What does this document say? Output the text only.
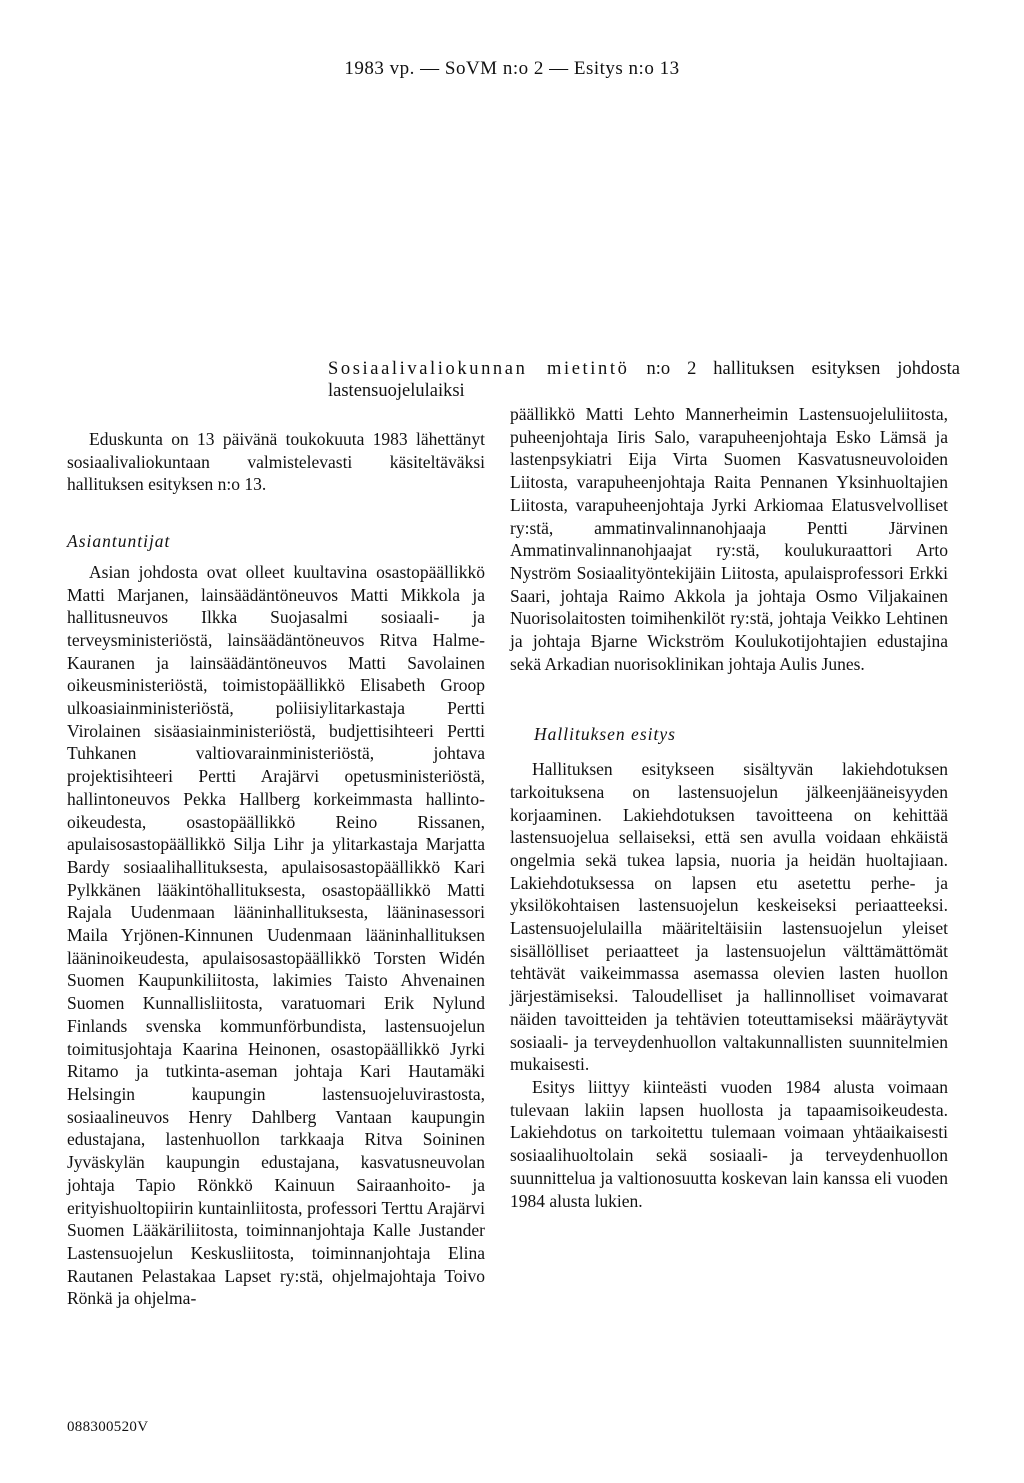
1983 vp. — SoVM n:o 2 — Esitys n:o 13
Sosiaalivaliokunnan mietintö n:o 2 hallituksen esityksen johdosta lastensuojelulaiksi

Eduskunta on 13 päivänä toukokuuta 1983 lähettänyt sosiaalivaliokuntaan valmistelevasti käsiteltäväksi hallituksen esityksen n:o 13.

Asiantuntijat

Asian johdosta ovat olleet kuultavina osastopäällikkö Matti Marjanen, lainsäädäntöneuvos Matti Mikkola ja hallitusneuvos Ilkka Suojasalmi sosiaali- ja terveysministeriöstä, lainsäädäntöneuvos Ritva Halme-Kauranen ja lainsäädäntöneuvos Matti Savolainen oikeusministeriöstä, toimistopäällikkö Elisabeth Groop ulkoasiainministeriöstä, poliisiylitarkastaja Pertti Virolainen sisäasiainministeriöstä, budjettisihteeri Pertti Tuhkanen valtiovarainministeriöstä, johtava projektisihteeri Pertti Arajärvi opetusministeriöstä, hallintoneuvos Pekka Hallberg korkeimmasta hallinto-oikeudesta, osastopäällikkö Reino Rissanen, apulaisosastopäällikkö Silja Lihr ja ylitarkastaja Marjatta Bardy sosiaalihallituksesta, apulaisosastopäällikkö Kari Pylkkänen lääkintöhallituksesta, osastopäällikkö Matti Rajala Uudenmaan lääninhallituksesta, lääninasessori Maila Yrjönen-Kinnunen Uudenmaan lääninhallituksen lääninoikeudesta, apulaisosastopäällikkö Torsten Widén Suomen Kaupunkiliitosta, lakimies Taisto Ahvenainen Suomen Kunnallisliitosta, varatuomari Erik Nylund Finlands svenska kommunförbundista, lastensuojelun toimitusjohtaja Kaarina Heinonen, osastopäällikkö Jyrki Ritamo ja tutkinta-aseman johtaja Kari Hautamäki Helsingin kaupungin lastensuojeluvirastosta, sosiaalineuvos Henry Dahlberg Vantaan kaupungin edustajana, lastenhuollon tarkkaaja Ritva Soininen Jyväskylän kaupungin edustajana, kasvatusneuvolan johtaja Tapio Rönkkö Kainuun Sairaanhoito- ja erityishuoltopiirin kuntainliitosta, professori Terttu Arajärvi Suomen Lääkäriliitosta, toiminnanjohtaja Kalle Justander Lastensuojelun Keskusliitosta, toiminnanjohtaja Elina Rautanen Pelastakaa Lapset ry:stä, ohjelmajohtaja Toivo Rönkä ja ohjelma-

päällikkö Matti Lehto Mannerheimin Lastensuojeluliitosta, puheenjohtaja Iiris Salo, varapuheenjohtaja Esko Lämsä ja lastenpsykiatri Eija Virta Suomen Kasvatusneuvoloiden Liitosta, varapuheenjohtaja Raita Pennanen Yksinhuoltajien Liitosta, varapuheenjohtaja Jyrki Arkiomaa Elatusvelvolliset ry:stä, ammatinvalinnanohjaaja Pentti Järvinen Ammatinvalinnanohjaajat ry:stä, koulukuraattori Arto Nyström Sosiaalityöntekijäin Liitosta, apulaisprofessori Erkki Saari, johtaja Raimo Akkola ja johtaja Osmo Viljakainen Nuorisolaitosten toimihenkilöt ry:stä, johtaja Veikko Lehtinen ja johtaja Bjarne Wickström Koulukotijohtajien edustajina sekä Arkadian nuorisoklinikan johtaja Aulis Junes.

Hallituksen esitys

Hallituksen esitykseen sisältyvän lakiehdotuksen tarkoituksena on lastensuojelun jälkeenjääneisyyden korjaaminen. Lakiehdotuksen tavoitteena on kehittää lastensuojelua sellaiseksi, että sen avulla voidaan ehkäistä ongelmia sekä tukea lapsia, nuoria ja heidän huoltajiaan. Lakiehdotuksessa on lapsen etu asetettu perhe- ja yksilökohtaisen lastensuojelun keskeiseksi periaatteeksi. Lastensuojelulailla määriteltäisiin lastensuojelun yleiset sisällölliset periaatteet ja lastensuojelun välttämättömät tehtävät vaikeimmassa asemassa olevien lasten huollon järjestämiseksi. Taloudelliset ja hallinnolliset voimavarat näiden tavoitteiden ja tehtävien toteuttamiseksi määräytyvät sosiaali- ja terveydenhuollon valtakunnallisten suunnitelmien mukaisesti.

Esitys liittyy kiinteästi vuoden 1984 alusta voimaan tulevaan lakiin lapsen huollosta ja tapaamisoikeudesta. Lakiehdotus on tarkoitettu tulemaan voimaan yhtäaikaisesti sosiaalihuoltolain sekä sosiaali- ja terveydenhuollon suunnittelua ja valtionosuutta koskevan lain kanssa eli vuoden 1984 alusta lukien.

088300520V
